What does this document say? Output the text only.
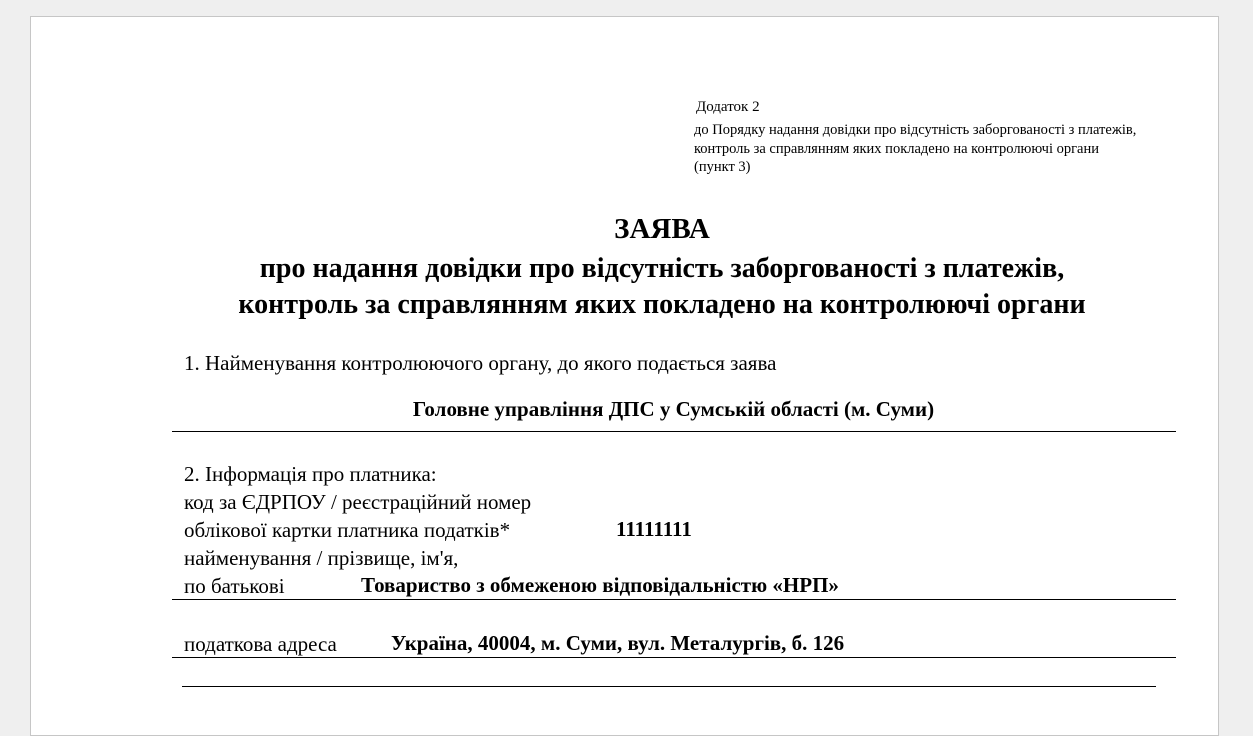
Додаток 2
до Порядку надання довідки про відсутність заборгованості з платежів,
контроль за справлянням яких покладено на контролюючі органи
(пункт 3)
ЗАЯВА
про надання довідки про відсутність заборгованості з платежів,
контроль за справлянням яких покладено на контролюючі органи
1. Найменування контролюючого органу, до якого подається заява
Головне управління ДПС у Сумській області (м. Суми)
2. Інформація про платника:
код за ЄДРПОУ / реєстраційний номер
облікової картки платника податків*	11111111
найменування / прізвище, ім'я,
по батькові	Товариство з обмеженою відповідальністю «НРП»
податкова адреса	Україна, 40004, м. Суми, вул. Металургів, б. 126
